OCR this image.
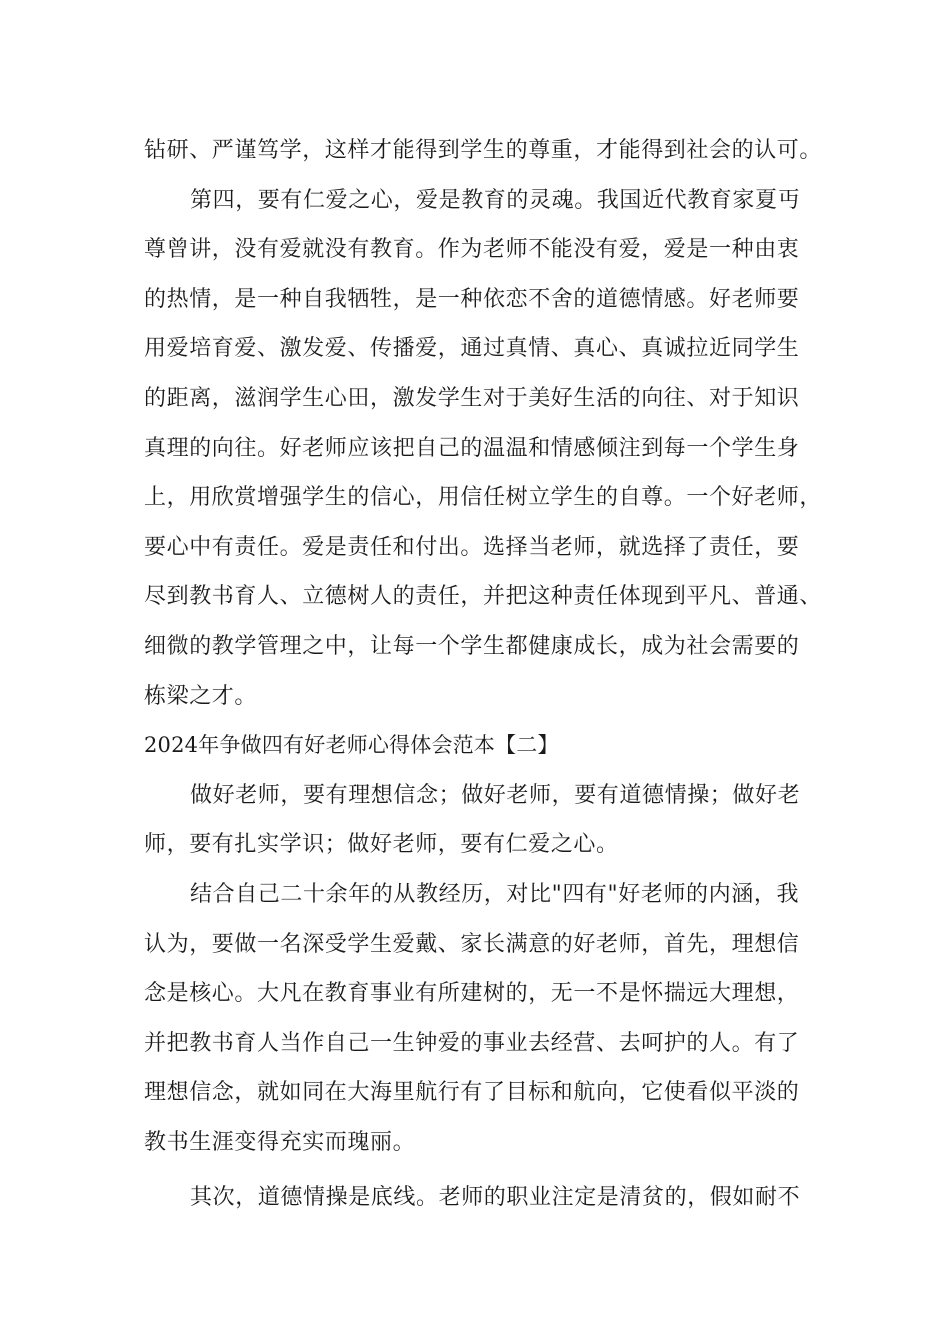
钻研、严谨笃学，这样才能得到学生的尊重，才能得到社会的认可。

第四，要有仁爱之心，爱是教育的灵魂。我国近代教育家夏丏

尊曾讲，没有爱就没有教育。作为老师不能没有爱，爱是一种由衷

的热情，是一种自我牺牲，是一种依恋不舍的道德情感。好老师要

用爱培育爱、激发爱、传播爱，通过真情、真心、真诚拉近同学生

的距离，滋润学生心田，激发学生对于美好生活的向往、对于知识

真理的向往。好老师应该把自己的温温和情感倾注到每一个学生身

上，用欣赏增强学生的信心，用信任树立学生的自尊。一个好老师，

要心中有责任。爱是责任和付出。选择当老师，就选择了责任，要

尽到教书育人、立德树人的责任，并把这种责任体现到平凡、普通、

细微的教学管理之中，让每一个学生都健康成长，成为社会需要的

栋梁之才。

2024年争做四有好老师心得体会范本【二】

做好老师，要有理想信念；做好老师，要有道德情操；做好老

师，要有扎实学识；做好老师，要有仁爱之心。

结合自己二十余年的从教经历，对比"四有"好老师的内涵，我

认为，要做一名深受学生爱戴、家长满意的好老师，首先，理想信

念是核心。大凡在教育事业有所建树的，无一不是怀揣远大理想，

并把教书育人当作自己一生钟爱的事业去经营、去呵护的人。有了

理想信念，就如同在大海里航行有了目标和航向，它使看似平淡的

教书生涯变得充实而瑰丽。

其次，道德情操是底线。老师的职业注定是清贫的，假如耐不
